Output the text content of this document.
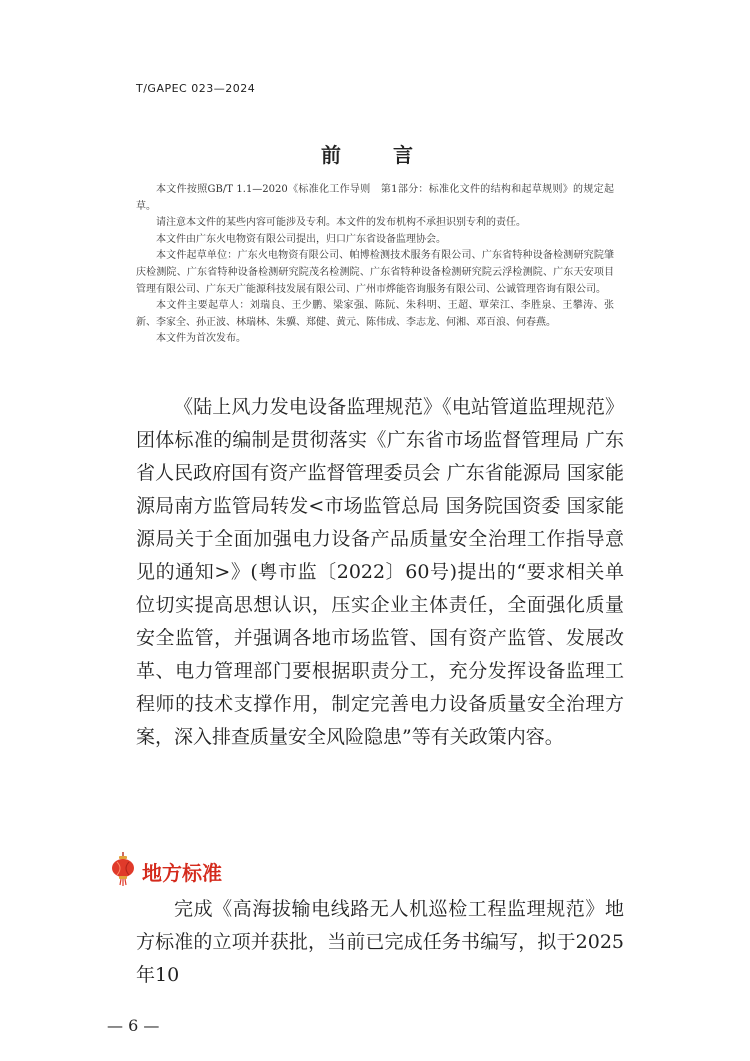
T/GAPEC 023—2024
前　言

本文件按照GB/T 1.1—2020《标准化工作导则　第1部分：标准化文件的结构和起草规则》的规定起草。

请注意本文件的某些内容可能涉及专利。本文件的发布机构不承担识别专利的责任。

本文件由广东火电物资有限公司提出，归口广东省设备监理协会。

本文件起草单位：广东火电物资有限公司、帕博检测技术服务有限公司、广东省特种设备检测研究院肇庆检测院、广东省特种设备检测研究院茂名检测院、广东省特种设备检测研究院云浮检测院、广东天安项目管理有限公司、广东天广能源科技发展有限公司、广州市烨能咨询服务有限公司、公诚管理咨询有限公司。

本文件主要起草人：刘瑞良、王少鹏、梁家强、陈阮、朱科明、王超、覃荣江、李胜泉、王攀涛、张新、李家全、孙正波、林瑞林、朱骥、郑健、黄元、陈伟成、李志龙、何湘、邓百浪、何春燕。

本文件为首次发布。

《陆上风力发电设备监理规范》《电站管道监理规范》团体标准的编制是贯彻落实《广东省市场监督管理局 广东省人民政府国有资产监督管理委员会 广东省能源局 国家能源局南方监管局转发<市场监管总局 国务院国资委 国家能源局关于全面加强电力设备产品质量安全治理工作指导意见的通知>》(粤市监〔2022〕60号)提出的“要求相关单位切实提高思想认识，压实企业主体责任，全面强化质量安全监管，并强调各地市场监管、国有资产监管、发展改革、电力管理部门要根据职责分工，充分发挥设备监理工程师的技术支撑作用，制定完善电力设备质量安全治理方案，深入排查质量安全风险隐患”等有关政策内容。

地方标准

完成《高海拔输电线路无人机巡检工程监理规范》地方标准的立项并获批，当前已完成任务书编写，拟于2025年10

— 6 —
